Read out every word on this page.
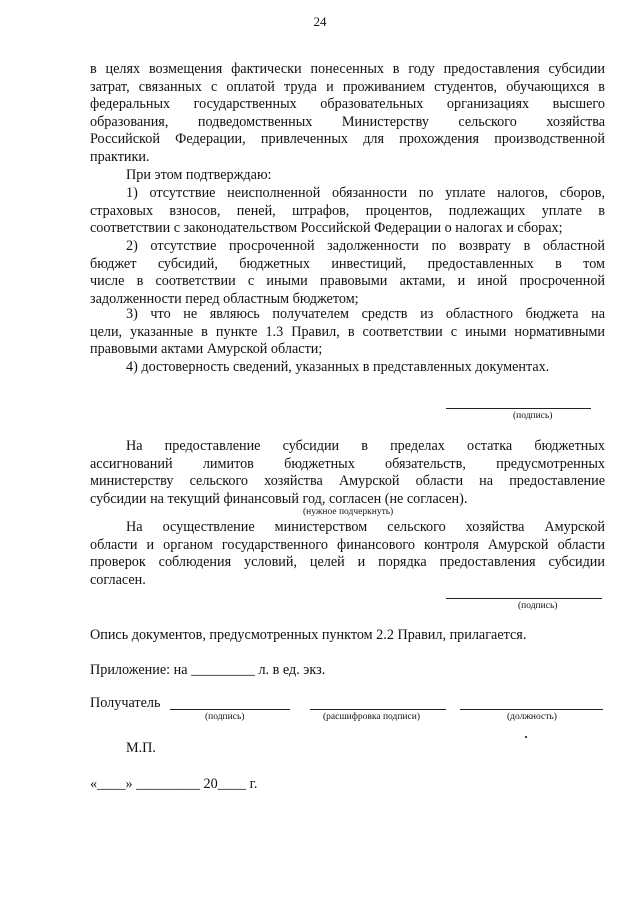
24
в целях возмещения фактически понесенных в году предоставления субсидии
затрат, связанных с оплатой труда и проживанием студентов, обучающихся в
федеральных государственных образовательных организациях высшего
образования, подведомственных Министерству сельского хозяйства
Российской Федерации, привлеченных для прохождения производственной
практики.
При этом подтверждаю:
1) отсутствие неисполненной обязанности по уплате налогов, сборов,
страховых взносов, пеней, штрафов, процентов, подлежащих уплате в
соответствии с законодательством Российской Федерации о налогах и сборах;
2) отсутствие просроченной задолженности по возврату в областной
бюджет субсидий, бюджетных инвестиций, предоставленных в том
числе в соответствии с иными правовыми актами, и иной просроченной
задолженности перед областным бюджетом;
3) что не являюсь получателем средств из областного бюджета на
цели, указанные в пункте 1.3 Правил, в соответствии с иными нормативными
правовыми актами Амурской области;
4) достоверность сведений, указанных в представленных документах.
(подпись)
На предоставление субсидии в пределах остатка бюджетных
ассигнований лимитов бюджетных обязательств, предусмотренных
министерству сельского хозяйства Амурской области на предоставление
субсидии на текущий финансовый год, согласен (не согласен).
(нужное подчеркнуть)
На осуществление министерством сельского хозяйства Амурской
области и органом государственного финансового контроля Амурской области
проверок соблюдения условий, целей и порядка предоставления субсидии
согласен.
(подпись)
Опись документов, предусмотренных пунктом 2.2 Правил, прилагается.
Приложение: на _________ л. в ед. экз.
Получатель
(подпись)	(расшифровка подписи)	(должность)
М.П.
«____» _________ 20____ г.
